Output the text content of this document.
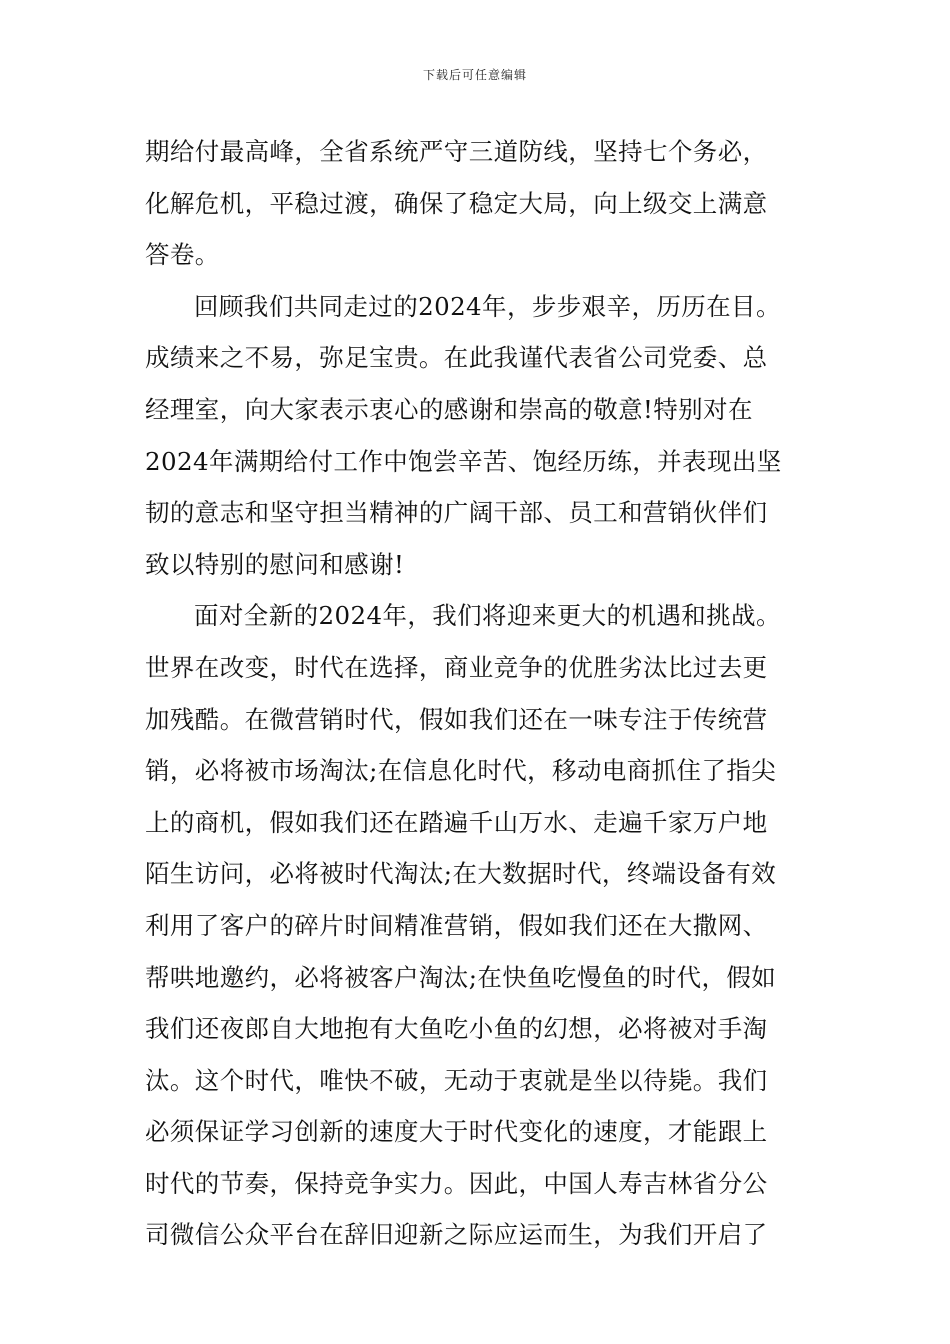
下载后可任意编辑
期给付最高峰，全省系统严守三道防线，坚持七个务必，
化解危机，平稳过渡，确保了稳定大局，向上级交上满意
答卷。
回顾我们共同走过的2024年，步步艰辛，历历在目。
成绩来之不易，弥足宝贵。在此我谨代表省公司党委、总
经理室，向大家表示衷心的感谢和崇高的敬意!特别对在
2024年满期给付工作中饱尝辛苦、饱经历练，并表现出坚
韧的意志和坚守担当精神的广阔干部、员工和营销伙伴们
致以特别的慰问和感谢!
面对全新的2024年，我们将迎来更大的机遇和挑战。
世界在改变，时代在选择，商业竞争的优胜劣汰比过去更
加残酷。在微营销时代，假如我们还在一味专注于传统营
销，必将被市场淘汰;在信息化时代，移动电商抓住了指尖
上的商机，假如我们还在踏遍千山万水、走遍千家万户地
陌生访问，必将被时代淘汰;在大数据时代，终端设备有效
利用了客户的碎片时间精准营销，假如我们还在大撒网、
帮哄地邀约，必将被客户淘汰;在快鱼吃慢鱼的时代，假如
我们还夜郎自大地抱有大鱼吃小鱼的幻想，必将被对手淘
汰。这个时代，唯快不破，无动于衷就是坐以待毙。我们
必须保证学习创新的速度大于时代变化的速度，才能跟上
时代的节奏，保持竞争实力。因此，中国人寿吉林省分公
司微信公众平台在辞旧迎新之际应运而生，为我们开启了
